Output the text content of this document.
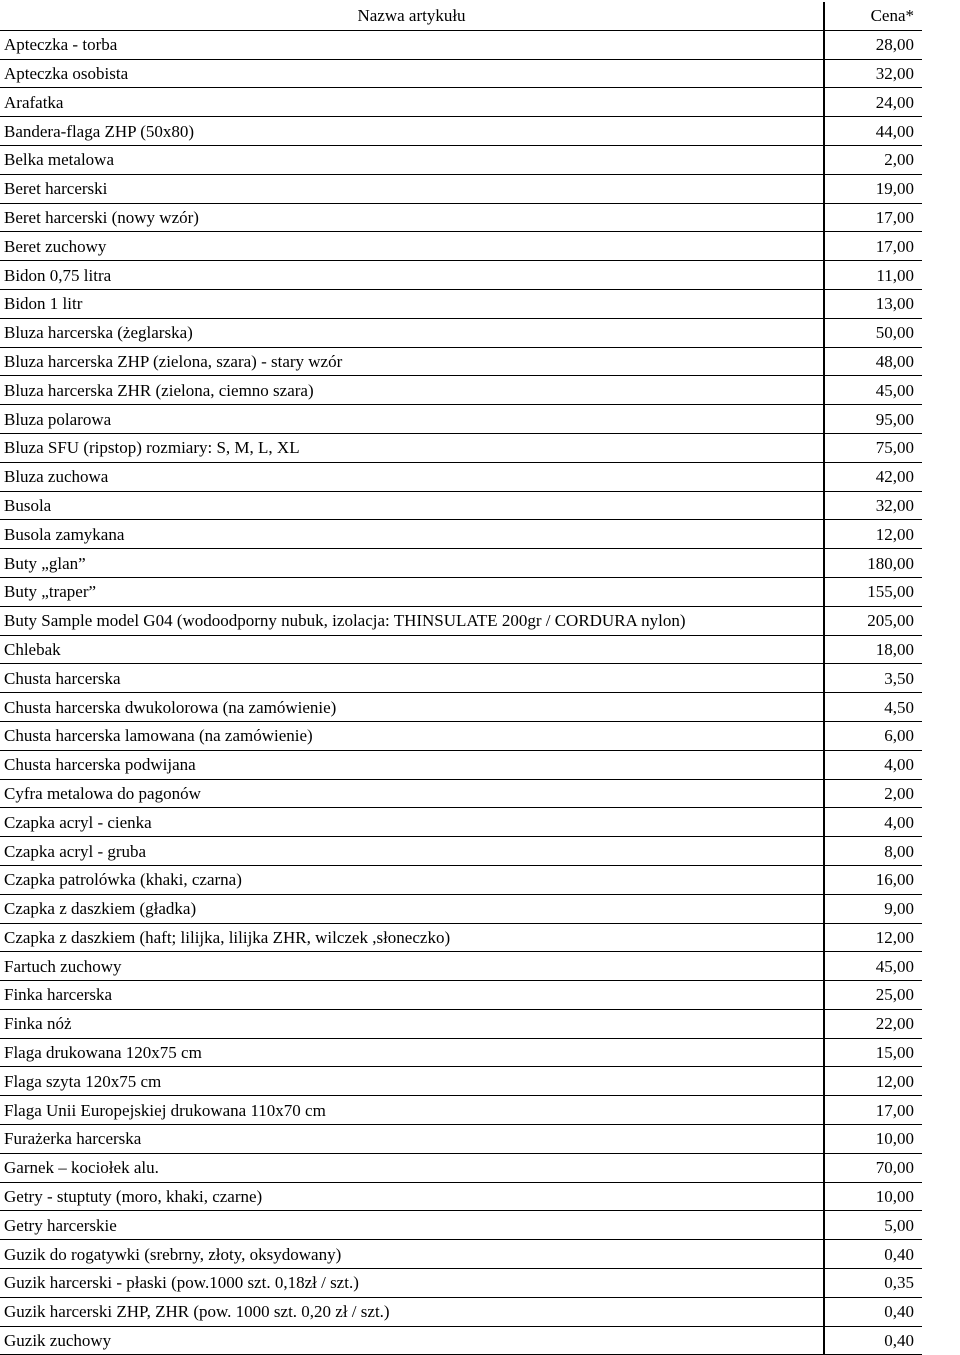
Nazwa artykułu	Cena*
Apteczka - torba	28,00
Apteczka osobista	32,00
Arafatka	24,00
Bandera-flaga ZHP (50x80)	44,00
Belka metalowa	2,00
Beret harcerski	19,00
Beret harcerski (nowy wzór)	17,00
Beret zuchowy	17,00
Bidon 0,75 litra	11,00
Bidon 1 litr	13,00
Bluza harcerska (żeglarska)	50,00
Bluza harcerska ZHP (zielona, szara) - stary wzór	48,00
Bluza harcerska ZHR (zielona, ciemno szara)	45,00
Bluza polarowa	95,00
Bluza SFU (ripstop) rozmiary: S, M, L, XL	75,00
Bluza zuchowa	42,00
Busola	32,00
Busola zamykana	12,00
Buty „glan”	180,00
Buty „traper”	155,00
Buty Sample model G04 (wodoodporny nubuk, izolacja: THINSULATE 200gr / CORDURA nylon)	205,00
Chlebak	18,00
Chusta harcerska	3,50
Chusta harcerska dwukolorowa (na zamówienie)	4,50
Chusta harcerska lamowana (na zamówienie)	6,00
Chusta harcerska podwijana	4,00
Cyfra metalowa do pagonów	2,00
Czapka acryl - cienka	4,00
Czapka acryl - gruba	8,00
Czapka patrolówka (khaki, czarna)	16,00
Czapka z daszkiem (gładka)	9,00
Czapka z daszkiem (haft; lilijka, lilijka ZHR, wilczek ,słoneczko)	12,00
Fartuch zuchowy	45,00
Finka harcerska	25,00
Finka nóż	22,00
Flaga drukowana 120x75 cm	15,00
Flaga szyta 120x75 cm	12,00
Flaga Unii Europejskiej drukowana 110x70 cm	17,00
Furażerka harcerska	10,00
Garnek – kociołek alu.	70,00
Getry - stuptuty (moro, khaki, czarne)	10,00
Getry harcerskie	5,00
Guzik do rogatywki (srebrny, złoty, oksydowany)	0,40
Guzik harcerski - płaski (pow.1000 szt. 0,18zł / szt.)	0,35
Guzik harcerski ZHP, ZHR (pow. 1000 szt. 0,20 zł / szt.)	0,40
Guzik zuchowy	0,40
